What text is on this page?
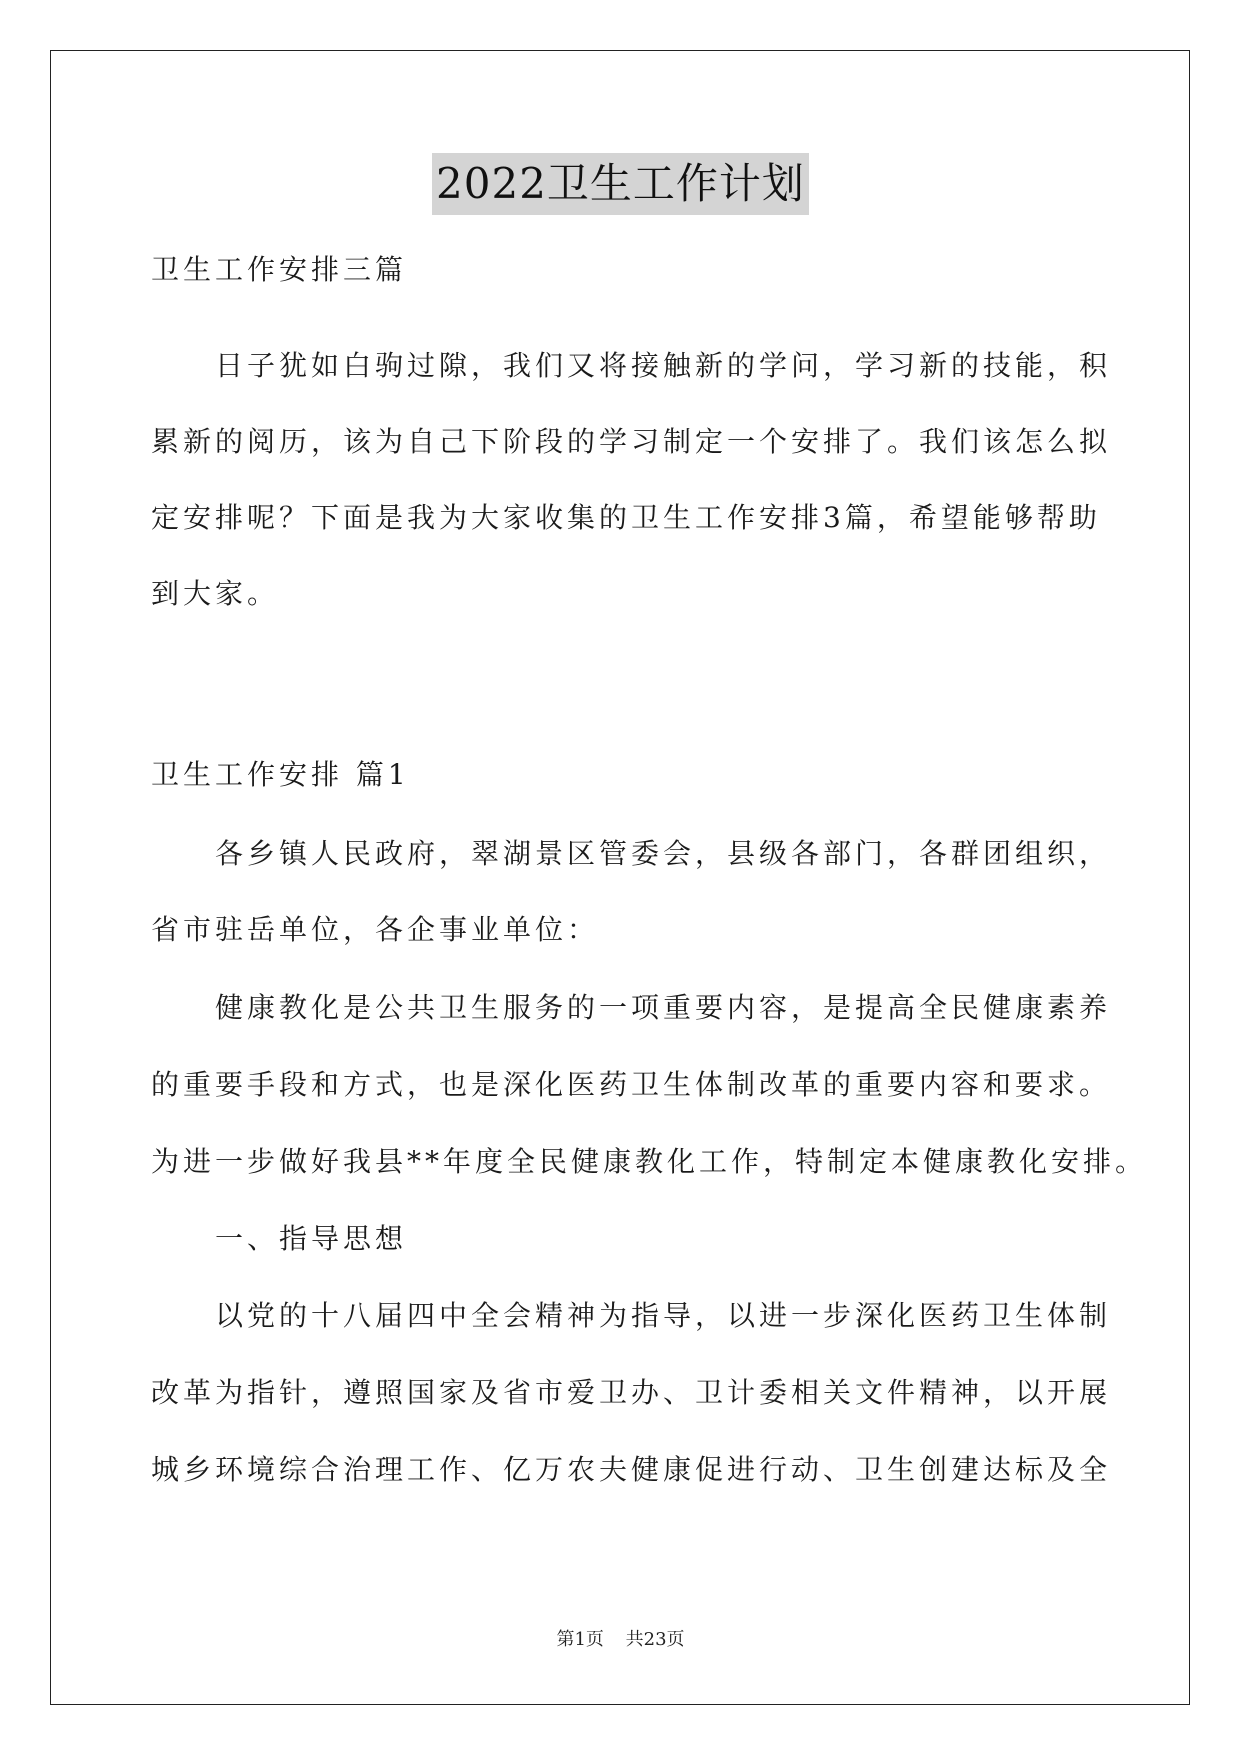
2022卫生工作计划
卫生工作安排三篇
日子犹如白驹过隙，我们又将接触新的学问，学习新的技能，积
累新的阅历，该为自己下阶段的学习制定一个安排了。我们该怎么拟
定安排呢？下面是我为大家收集的卫生工作安排3篇，希望能够帮助
到大家。
卫生工作安排 篇1
各乡镇人民政府，翠湖景区管委会，县级各部门，各群团组织，
省市驻岳单位，各企事业单位：
健康教化是公共卫生服务的一项重要内容，是提高全民健康素养
的重要手段和方式，也是深化医药卫生体制改革的重要内容和要求。
为进一步做好我县**年度全民健康教化工作，特制定本健康教化安排。
一、指导思想
以党的十八届四中全会精神为指导，以进一步深化医药卫生体制
改革为指针，遵照国家及省市爱卫办、卫计委相关文件精神，以开展
城乡环境综合治理工作、亿万农夫健康促进行动、卫生创建达标及全
第1页 共23页
